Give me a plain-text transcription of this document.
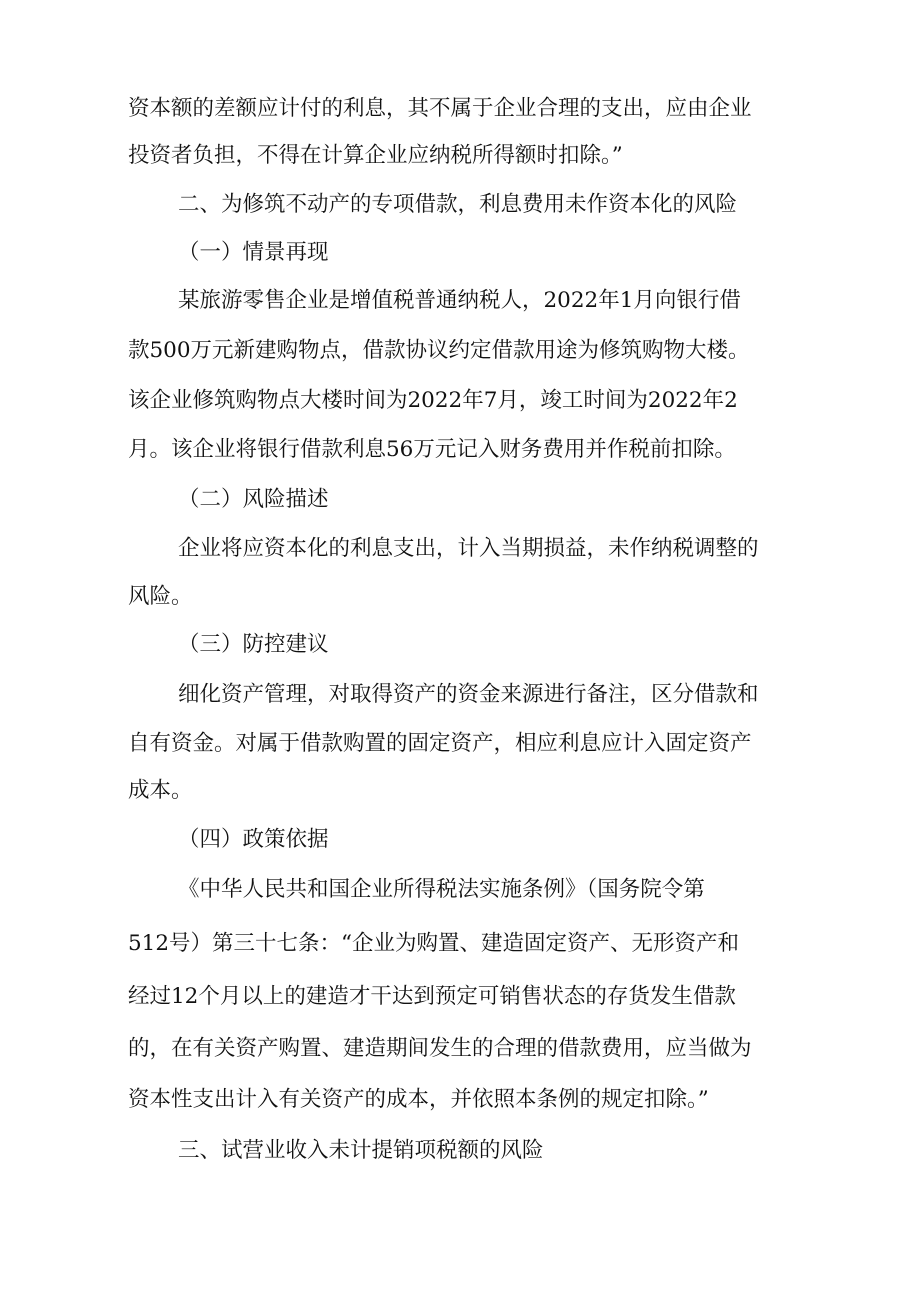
资本额的差额应计付的利息，其不属于企业合理的支出，应由企业
投资者负担，不得在计算企业应纳税所得额时扣除。”
二、为修筑不动产的专项借款，利息费用未作资本化的风险
（一）情景再现
某旅游零售企业是增值税普通纳税人，2022年1月向银行借
款500万元新建购物点，借款协议约定借款用途为修筑购物大楼。
该企业修筑购物点大楼时间为2022年7月，竣工时间为2022年2
月。该企业将银行借款利息56万元记入财务费用并作税前扣除。
（二）风险描述
企业将应资本化的利息支出，计入当期损益，未作纳税调整的
风险。
（三）防控建议
细化资产管理，对取得资产的资金来源进行备注，区分借款和
自有资金。对属于借款购置的固定资产，相应利息应计入固定资产
成本。
（四）政策依据
《中华人民共和国企业所得税法实施条例》（国务院令第
512号）第三十七条：“企业为购置、建造固定资产、无形资产和
经过12个月以上的建造才干达到预定可销售状态的存货发生借款
的，在有关资产购置、建造期间发生的合理的借款费用，应当做为
资本性支出计入有关资产的成本，并依照本条例的规定扣除。”
三、试营业收入未计提销项税额的风险
